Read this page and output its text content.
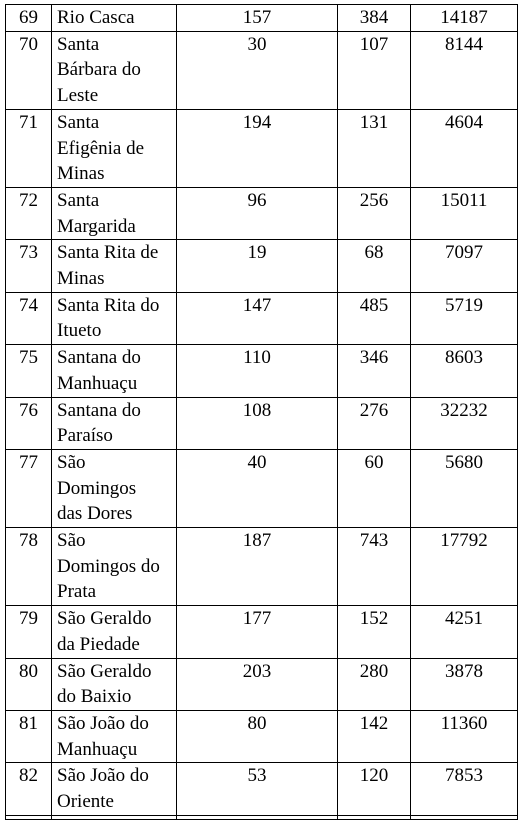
69	Rio Casca	157	384	14187
70	Santa
Bárbara do
Leste	30	107	8144
71	Santa
Efigênia de
Minas	194	131	4604
72	Santa
Margarida	96	256	15011
73	Santa Rita de
Minas	19	68	7097
74	Santa Rita do
Itueto	147	485	5719
75	Santana do
Manhuaçu	110	346	8603
76	Santana do
Paraíso	108	276	32232
77	São
Domingos
das Dores	40	60	5680
78	São
Domingos do
Prata	187	743	17792
79	São Geraldo
da Piedade	177	152	4251
80	São Geraldo
do Baixio	203	280	3878
81	São João do
Manhuaçu	80	142	11360
82	São João do
Oriente	53	120	7853
